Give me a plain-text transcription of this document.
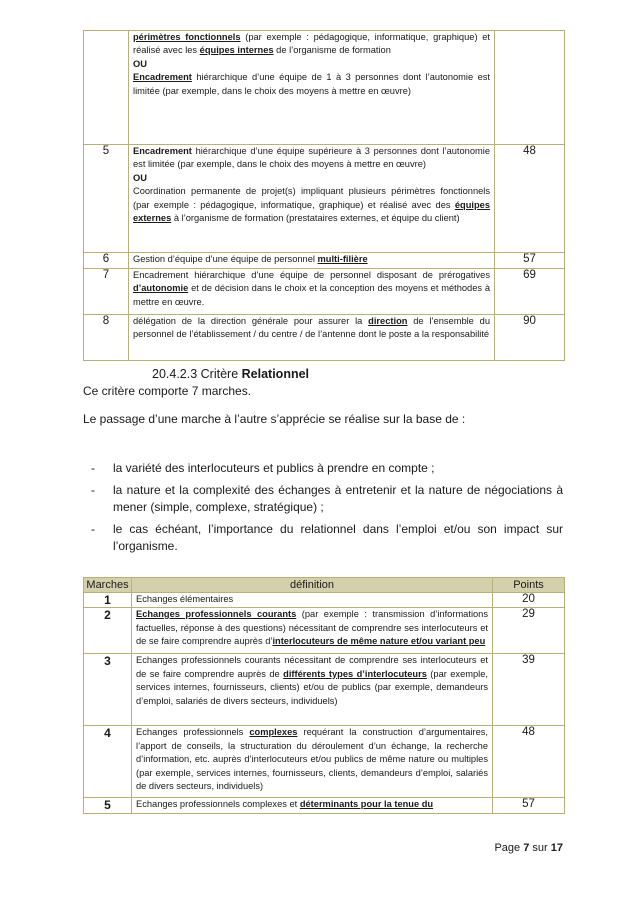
	périmètres fonctionnels (par exemple : pédagogique, informatique, graphique) et réalisé avec les équipes internes de l’organisme de formation
OU
Encadrement hiérarchique d’une équipe de 1 à 3 personnes dont l’autonomie est limitée (par exemple, dans le choix des moyens à mettre en œuvre)	
5	Encadrement hiérarchique d’une équipe supérieure à 3 personnes dont l’autonomie est limitée (par exemple, dans le choix des moyens à mettre en œuvre)
OU
Coordination permanente de projet(s) impliquant plusieurs périmètres fonctionnels (par exemple : pédagogique, informatique, graphique) et réalisé avec des équipes externes à l’organisme de formation (prestataires externes, et équipe du client)	48
6	Gestion d’équipe d’une équipe de personnel multi-filière	57
7	Encadrement hiérarchique d’une équipe de personnel disposant de prérogatives d’autonomie et de décision dans le choix et la conception des moyens et méthodes à mettre en œuvre.	69
8	délégation de la direction générale pour assurer la direction de l’ensemble du personnel de l’établissement / du centre / de l’antenne dont le poste a la responsabilité	90
20.4.2.3 Critère Relationnel
Ce critère comporte 7 marches.
Le passage d’une marche à l’autre s’apprécie se réalise sur la base de :
- la variété des interlocuteurs et publics à prendre en compte ;
- la nature et la complexité des échanges à entretenir et la nature de négociations à mener (simple, complexe, stratégique) ;
- le cas échéant, l’importance du relationnel dans l’emploi et/ou son impact sur l’organisme.
Marches	définition	Points
1	Echanges élémentaires	20
2	Echanges professionnels courants (par exemple : transmission d’informations factuelles, réponse à des questions) nécessitant de comprendre ses interlocuteurs et de se faire comprendre auprès d’interlocuteurs de même nature et/ou variant peu	29
3	Echanges professionnels courants nécessitant de comprendre ses interlocuteurs et de se faire comprendre auprès de différents types d’interlocuteurs (par exemple, services internes, fournisseurs, clients) et/ou de publics (par exemple, demandeurs d’emploi, salariés de divers secteurs, individuels)	39
4	Echanges professionnels complexes requérant la construction d’argumentaires, l’apport de conseils, la structuration du déroulement d’un échange, la recherche d’information, etc. auprès d’interlocuteurs et/ou publics de même nature ou multiples (par exemple, services internes, fournisseurs, clients, demandeurs d’emploi, salariés de divers secteurs, individuels)	48
5	Echanges professionnels complexes et déterminants pour la tenue du	57
Page 7 sur 17
